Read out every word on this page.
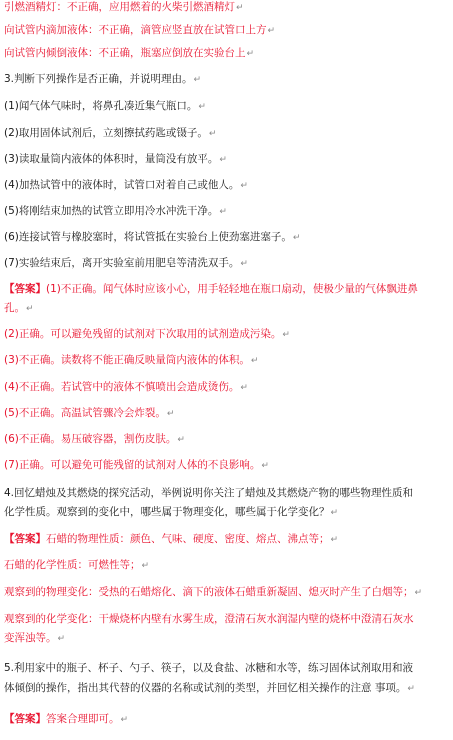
引燃酒精灯：不正确，应用燃着的火柴引燃酒精灯↵
向试管内滴加液体：不正确，滴管应竖直放在试管口上方↵
向试管内倾倒液体：不正确，瓶塞应倒放在实验台上↵
3.判断下列操作是否正确，并说明理由。↵
(1)闻气体气味时，将鼻孔凑近集气瓶口。↵
(2)取用固体试剂后，立刻擦拭药匙或镊子。↵
(3)读取量筒内液体的体积时，量筒没有放平。↵
(4)加热试管中的液体时，试管口对着自己或他人。↵
(5)将刚结束加热的试管立即用冷水冲洗干净。↵
(6)连接试管与橡胶塞时，将试管抵在实验台上使劲塞进塞子。↵
(7)实验结束后，离开实验室前用肥皂等清洗双手。↵
【答案】(1)不正确。闻气体时应该小心，用手轻轻地在瓶口扇动，使极少量的气体飘进鼻
孔。↵
(2)正确。可以避免残留的试剂对下次取用的试剂造成污染。↵
(3)不正确。读数将不能正确反映量筒内液体的体积。↵
(4)不正确。若试管中的液体不慎喷出会造成烫伤。↵
(5)不正确。高温试管骤冷会炸裂。↵
(6)不正确。易压破容器，割伤皮肤。↵
(7)正确。可以避免可能残留的试剂对人体的不良影响。↵
4.回忆蜡烛及其燃烧的探究活动，举例说明你关注了蜡烛及其燃烧产物的哪些物理性质和
化学性质。观察到的变化中，哪些属于物理变化，哪些属于化学变化？↵
【答案】石蜡的物理性质：颜色、气味、硬度、密度、熔点、沸点等；↵
石蜡的化学性质：可燃性等；↵
观察到的物理变化：受热的石蜡熔化、滴下的液体石蜡重新凝固、熄灭时产生了白烟等；↵
观察到的化学变化：干燥烧杯内壁有水雾生成，澄清石灰水润湿内壁的烧杯中澄清石灰水
变浑浊等。↵
5.利用家中的瓶子、杯子、勺子、筷子，以及食盐、冰糖和水等，练习固体试剂取用和液
体倾倒的操作，指出其代替的仪器的名称或试剂的类型，并回忆相关操作的注意 事项。↵
【答案】答案合理即可。↵
